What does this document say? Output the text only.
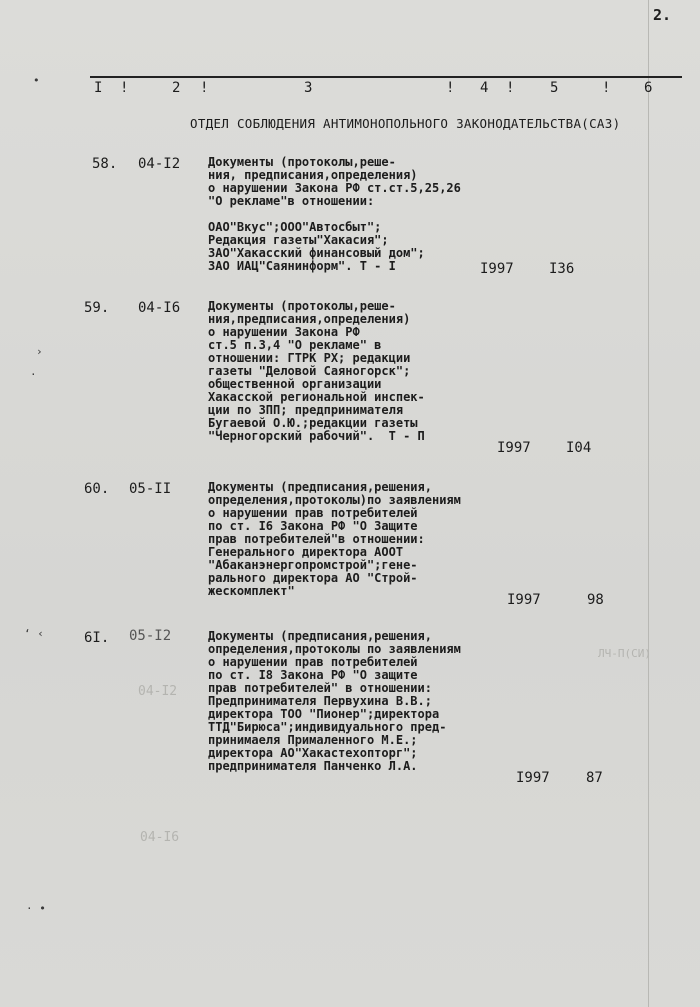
2.
I !	2 !	3	! 4 !	5	! 6
ОТДЕЛ СОБЛЮДЕНИЯ АНТИМОНОПОЛЬНОГО ЗАКОНОДАТЕЛЬСТВА(САЗ)
58. 04-I2 Документы (протоколы,реше-
ния, предписания,определения)
о нарушении Закона РФ ст.ст.5,25,26
"О рекламе"в отношении:

ОАО"Вкус";ООО"Автосбыт";
Редакция газеты"Хакасия";
ЗАО"Хакасский финансовый дом";
ЗАО ИАЦ"Саянинформ". Т - I	I997	I36
59. 04-I6 Документы (протоколы,реше-
ния,предписания,определения)
о нарушении Закона РФ
ст.5 п.3,4 "О рекламе" в
отношении: ГТРК РХ; редакции
газеты "Деловой Саяногорск";
общественной организации
Хакасской региональной инспек-
ции по ЗПП; предпринимателя
Бугаевой О.Ю.;редакции газеты
"Черногорский рабочий".  Т - П
I997	I04
60. 05-II	Документы (предписания,решения,
определения,протоколы)по заявлениям
о нарушении прав потребителей
по ст. I6 Закона РФ "О Защите
прав потребителей"в отношении:
Генерального директора АООТ
"Абаканэнергопромстрой";гене-
рального директора АО "Строй-
жескомплект"
I997	98
6I. 05-I2	Документы (предписания,решения,
определения,протоколы по заявлениям
о нарушении прав потребителей
по ст. I8 Закона РФ "О защите
прав потребителей" в отношении:
Предпринимателя Первухина В.В.;
директора ТОО "Пионер";директора
ТТД"Бирюса";индивидуального пред-
принимаеля Прималенного М.Е.;
директора АО"Хакастехопторг";
предпринимателя Панченко Л.А.
I997	87
04-I2
04-I6
ЛЧ-П(СИ)
•
›
·
‘ ‹
· •
